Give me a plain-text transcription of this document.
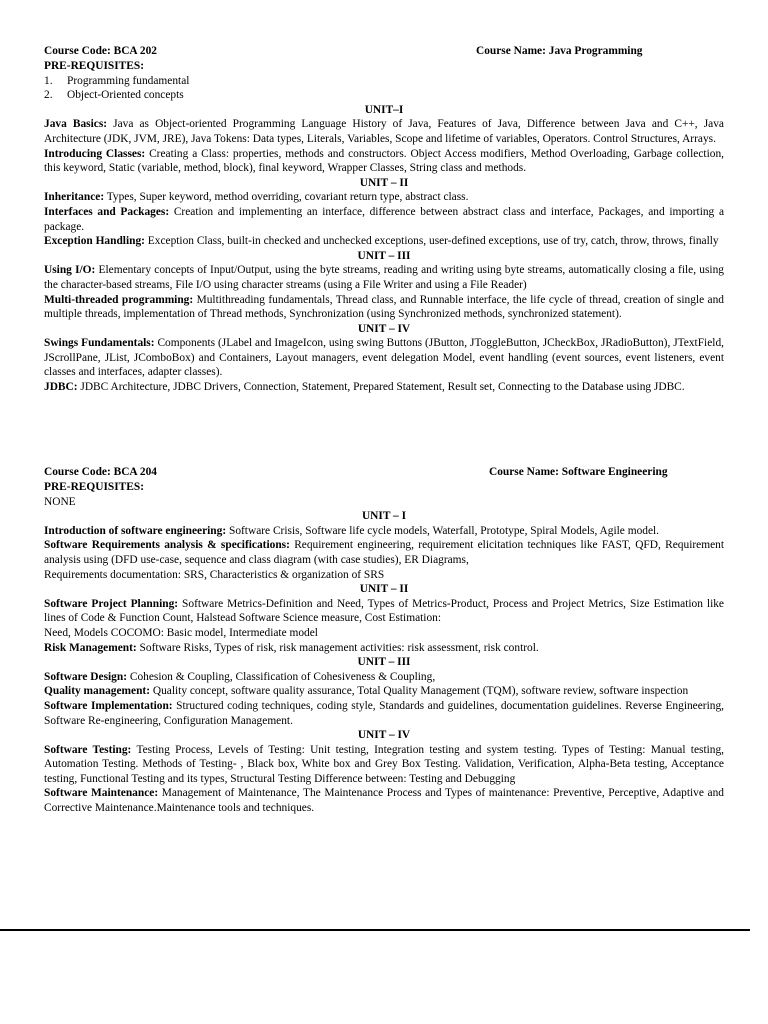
Course Code: BCA 202	Course Name: Java Programming
PRE-REQUISITES:
1. Programming fundamental
2. Object-Oriented concepts
UNIT–I
Java Basics: Java as Object-oriented Programming Language History of Java, Features of Java, Difference between Java and C++, Java Architecture (JDK, JVM, JRE), Java Tokens: Data types, Literals, Variables, Scope and lifetime of variables, Operators. Control Structures, Arrays.
Introducing Classes: Creating a Class: properties, methods and constructors. Object Access modifiers, Method Overloading, Garbage collection, this keyword, Static (variable, method, block), final keyword, Wrapper Classes, String class and methods.
UNIT – II
Inheritance: Types, Super keyword, method overriding, covariant return type, abstract class.
Interfaces and Packages: Creation and implementing an interface, difference between abstract class and interface, Packages, and importing a package.
Exception Handling: Exception Class, built-in checked and unchecked exceptions, user-defined exceptions, use of try, catch, throw, throws, finally
UNIT – III
Using I/O: Elementary concepts of Input/Output, using the byte streams, reading and writing using byte streams, automatically closing a file, using the character-based streams, File I/O using character streams (using a File Writer and using a File Reader)
Multi-threaded programming: Multithreading fundamentals, Thread class, and Runnable interface, the life cycle of thread, creation of single and multiple threads, implementation of Thread methods, Synchronization (using Synchronized methods, synchronized statement).
UNIT – IV
Swings Fundamentals: Components (JLabel and ImageIcon, using swing Buttons (JButton, JToggleButton, JCheckBox, JRadioButton), JTextField, JScrollPane, JList, JComboBox) and Containers, Layout managers, event delegation Model, event handling (event sources, event listeners, event classes and interfaces, adapter classes).
JDBC: JDBC Architecture, JDBC Drivers, Connection, Statement, Prepared Statement, Result set, Connecting to the Database using JDBC.
Course Code: BCA 204	Course Name: Software Engineering
PRE-REQUISITES:
NONE
UNIT – I
Introduction of software engineering: Software Crisis, Software life cycle models, Waterfall, Prototype, Spiral Models, Agile model.
Software Requirements analysis & specifications: Requirement engineering, requirement elicitation techniques like FAST, QFD, Requirement analysis using (DFD use-case, sequence and class diagram (with case studies), ER Diagrams,
Requirements documentation: SRS, Characteristics & organization of SRS
UNIT – II
Software Project Planning: Software Metrics-Definition and Need, Types of Metrics-Product, Process and Project Metrics, Size Estimation like lines of Code & Function Count, Halstead Software Science measure, Cost Estimation:
Need, Models COCOMO: Basic model, Intermediate model
Risk Management: Software Risks, Types of risk, risk management activities: risk assessment, risk control.
UNIT – III
Software Design: Cohesion & Coupling, Classification of Cohesiveness & Coupling,
Quality management: Quality concept, software quality assurance, Total Quality Management (TQM), software review, software inspection
Software Implementation: Structured coding techniques, coding style, Standards and guidelines, documentation guidelines. Reverse Engineering, Software Re-engineering, Configuration Management.
UNIT – IV
Software Testing: Testing Process, Levels of Testing: Unit testing, Integration testing and system testing. Types of Testing: Manual testing, Automation Testing. Methods of Testing- , Black box, White box and Grey Box Testing. Validation, Verification, Alpha-Beta testing, Acceptance testing, Functional Testing and its types, Structural Testing Difference between: Testing and Debugging
Software Maintenance: Management of Maintenance, The Maintenance Process and Types of maintenance: Preventive, Perceptive, Adaptive and Corrective Maintenance.Maintenance tools and techniques.
